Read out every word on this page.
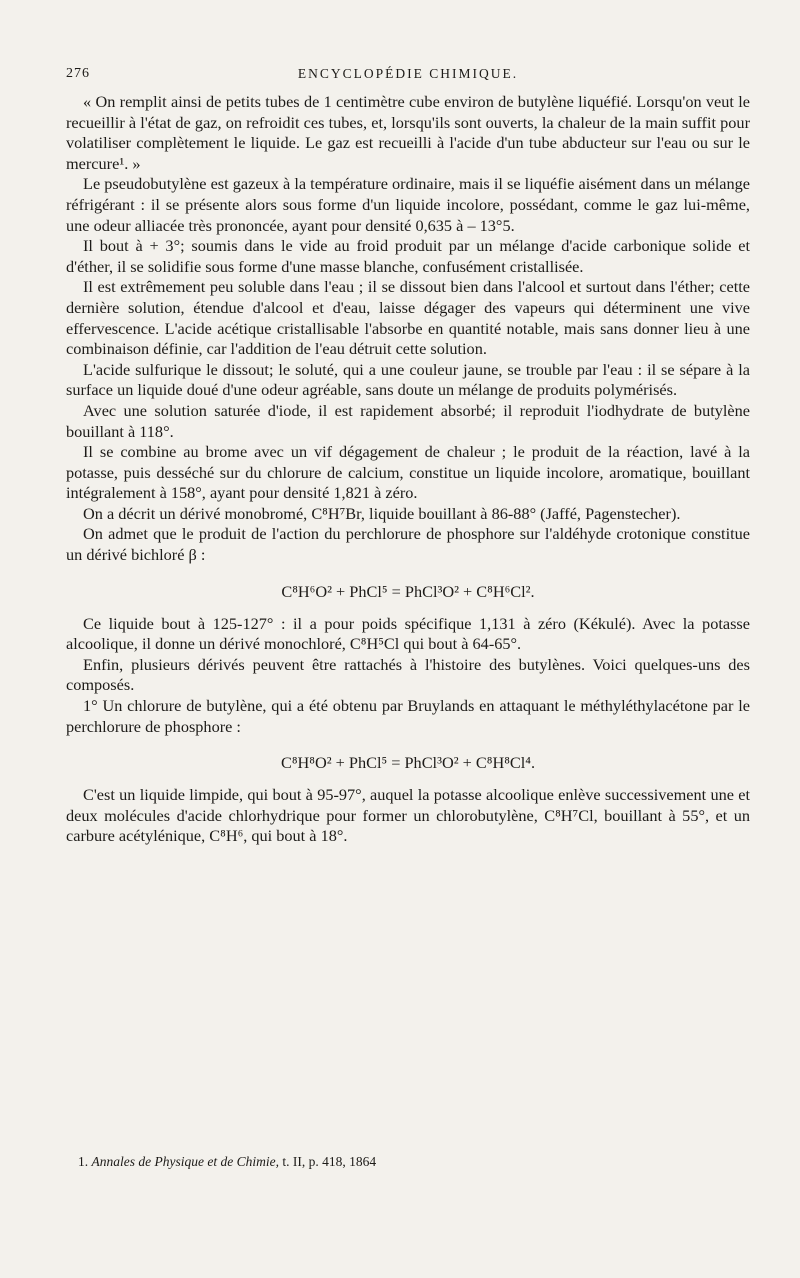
276	ENCYCLOPÉDIE CHIMIQUE.

« On remplit ainsi de petits tubes de 1 centimètre cube environ de butylène liquéfié. Lorsqu'on veut le recueillir à l'état de gaz, on refroidit ces tubes, et, lorsqu'ils sont ouverts, la chaleur de la main suffit pour volatiliser complètement le liquide. Le gaz est recueilli à l'acide d'un tube abducteur sur l'eau ou sur le mercure¹. »

Le pseudobutylène est gazeux à la température ordinaire, mais il se liquéfie aisément dans un mélange réfrigérant : il se présente alors sous forme d'un liquide incolore, possédant, comme le gaz lui-même, une odeur alliacée très prononcée, ayant pour densité 0,635 à – 13°5.

Il bout à + 3°; soumis dans le vide au froid produit par un mélange d'acide carbonique solide et d'éther, il se solidifie sous forme d'une masse blanche, confusément cristallisée.

Il est extrêmement peu soluble dans l'eau ; il se dissout bien dans l'alcool et surtout dans l'éther; cette dernière solution, étendue d'alcool et d'eau, laisse dégager des vapeurs qui déterminent une vive effervescence. L'acide acétique cristallisable l'absorbe en quantité notable, mais sans donner lieu à une combinaison définie, car l'addition de l'eau détruit cette solution.

L'acide sulfurique le dissout; le soluté, qui a une couleur jaune, se trouble par l'eau : il se sépare à la surface un liquide doué d'une odeur agréable, sans doute un mélange de produits polymérisés.

Avec une solution saturée d'iode, il est rapidement absorbé; il reproduit l'iodhydrate de butylène bouillant à 118°.

Il se combine au brome avec un vif dégagement de chaleur ; le produit de la réaction, lavé à la potasse, puis desséché sur du chlorure de calcium, constitue un liquide incolore, aromatique, bouillant intégralement à 158°, ayant pour densité 1,821 à zéro.

On a décrit un dérivé monobromé, C⁸H⁷Br, liquide bouillant à 86-88° (Jaffé, Pagenstecher).

On admet que le produit de l'action du perchlorure de phosphore sur l'aldéhyde crotonique constitue un dérivé bichloré β :

C⁸H⁶O² + PhCl⁵ = PhCl³O² + C⁸H⁶Cl².

Ce liquide bout à 125-127° : il a pour poids spécifique 1,131 à zéro (Kékulé). Avec la potasse alcoolique, il donne un dérivé monochloré, C⁸H⁵Cl qui bout à 64-65°.

Enfin, plusieurs dérivés peuvent être rattachés à l'histoire des butylènes. Voici quelques-uns des composés.

1° Un chlorure de butylène, qui a été obtenu par Bruylands en attaquant le méthyléthylacétone par le perchlorure de phosphore :

C⁸H⁸O² + PhCl⁵ = PhCl³O² + C⁸H⁸Cl⁴.

C'est un liquide limpide, qui bout à 95-97°, auquel la potasse alcoolique enlève successivement une et deux molécules d'acide chlorhydrique pour former un chlorobutylène, C⁸H⁷Cl, bouillant à 55°, et un carbure acétylénique, C⁸H⁶, qui bout à 18°.

1. Annales de Physique et de Chimie, t. II, p. 418, 1864
